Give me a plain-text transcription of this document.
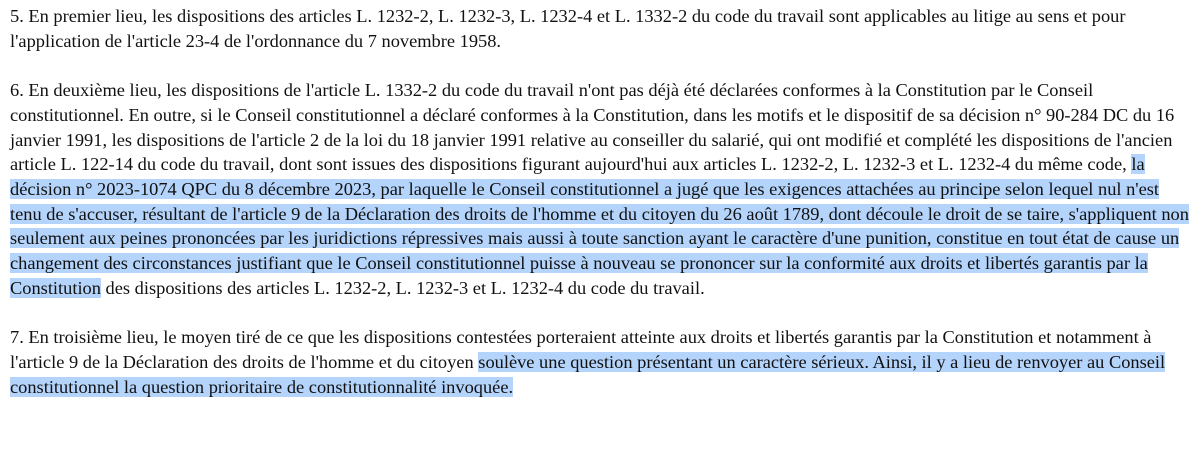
5. En premier lieu, les dispositions des articles L. 1232-2, L. 1232-3, L. 1232-4 et L. 1332-2 du code du travail sont applicables au litige au sens et pour l'application de l'article 23-4 de l'ordonnance du 7 novembre 1958.

6. En deuxième lieu, les dispositions de l'article L. 1332-2 du code du travail n'ont pas déjà été déclarées conformes à la Constitution par le Conseil constitutionnel. En outre, si le Conseil constitutionnel a déclaré conformes à la Constitution, dans les motifs et le dispositif de sa décision n° 90-284 DC du 16 janvier 1991, les dispositions de l'article 2 de la loi du 18 janvier 1991 relative au conseiller du salarié, qui ont modifié et complété les dispositions de l'ancien article L. 122-14 du code du travail, dont sont issues des dispositions figurant aujourd'hui aux articles L. 1232-2, L. 1232-3 et L. 1232-4 du même code, la décision n° 2023-1074 QPC du 8 décembre 2023, par laquelle le Conseil constitutionnel a jugé que les exigences attachées au principe selon lequel nul n'est tenu de s'accuser, résultant de l'article 9 de la Déclaration des droits de l'homme et du citoyen du 26 août 1789, dont découle le droit de se taire, s'appliquent non seulement aux peines prononcées par les juridictions répressives mais aussi à toute sanction ayant le caractère d'une punition, constitue en tout état de cause un changement des circonstances justifiant que le Conseil constitutionnel puisse à nouveau se prononcer sur la conformité aux droits et libertés garantis par la Constitution des dispositions des articles L. 1232-2, L. 1232-3 et L. 1232-4 du code du travail.

7. En troisième lieu, le moyen tiré de ce que les dispositions contestées porteraient atteinte aux droits et libertés garantis par la Constitution et notamment à l'article 9 de la Déclaration des droits de l'homme et du citoyen soulève une question présentant un caractère sérieux. Ainsi, il y a lieu de renvoyer au Conseil constitutionnel la question prioritaire de constitutionnalité invoquée.
